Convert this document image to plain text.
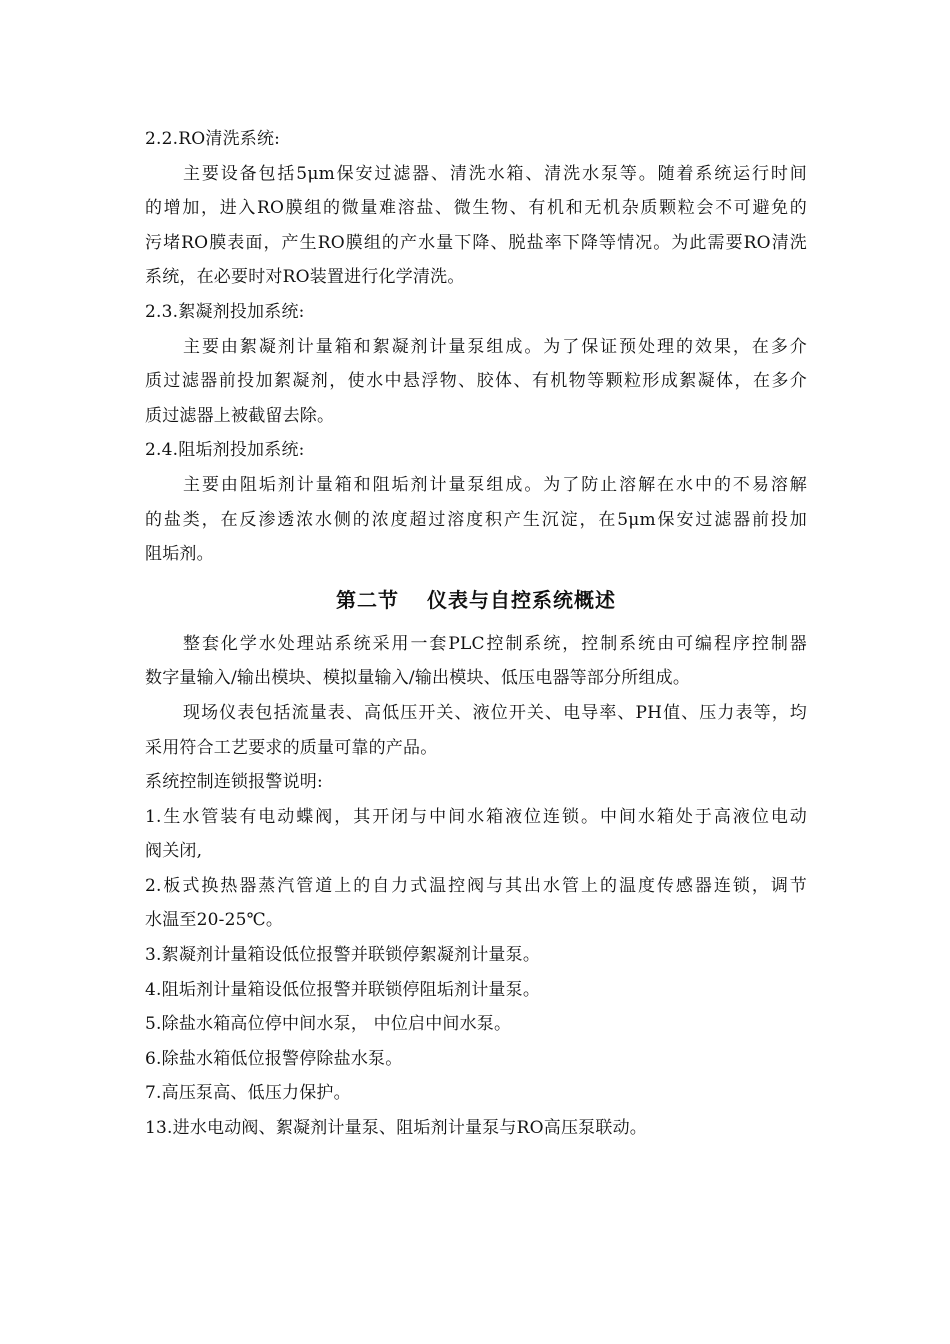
2.2.RO清洗系统:
主要设备包括5μm保安过滤器、清洗水箱、清洗水泵等。随着系统运行时间
的增加，进入RO膜组的微量难溶盐、微生物、有机和无机杂质颗粒会不可避免的
污堵RO膜表面，产生RO膜组的产水量下降、脱盐率下降等情况。为此需要RO清洗
系统，在必要时对RO装置进行化学清洗。
2.3.絮凝剂投加系统:
主要由絮凝剂计量箱和絮凝剂计量泵组成。为了保证预处理的效果，在多介
质过滤器前投加絮凝剂，使水中悬浮物、胶体、有机物等颗粒形成絮凝体，在多介
质过滤器上被截留去除。
2.4.阻垢剂投加系统:
主要由阻垢剂计量箱和阻垢剂计量泵组成。为了防止溶解在水中的不易溶解
的盐类，在反渗透浓水侧的浓度超过溶度积产生沉淀，在5μm保安过滤器前投加
阻垢剂。
第二节 仪表与自控系统概述
整套化学水处理站系统采用一套PLC控制系统，控制系统由可编程序控制器
数字量输入/输出模块、模拟量输入/输出模块、低压电器等部分所组成。
现场仪表包括流量表、高低压开关、液位开关、电导率、PH值、压力表等，均
采用符合工艺要求的质量可靠的产品。
系统控制连锁报警说明:
1.生水管装有电动蝶阀，其开闭与中间水箱液位连锁。中间水箱处于高液位电动
阀关闭,
2.板式换热器蒸汽管道上的自力式温控阀与其出水管上的温度传感器连锁，调节
水温至20-25℃。
3.絮凝剂计量箱设低位报警并联锁停絮凝剂计量泵。
4.阻垢剂计量箱设低位报警并联锁停阻垢剂计量泵。
5.除盐水箱高位停中间水泵， 中位启中间水泵。
6.除盐水箱低位报警停除盐水泵。
7.高压泵高、低压力保护。
13.进水电动阀、絮凝剂计量泵、阻垢剂计量泵与RO高压泵联动。
